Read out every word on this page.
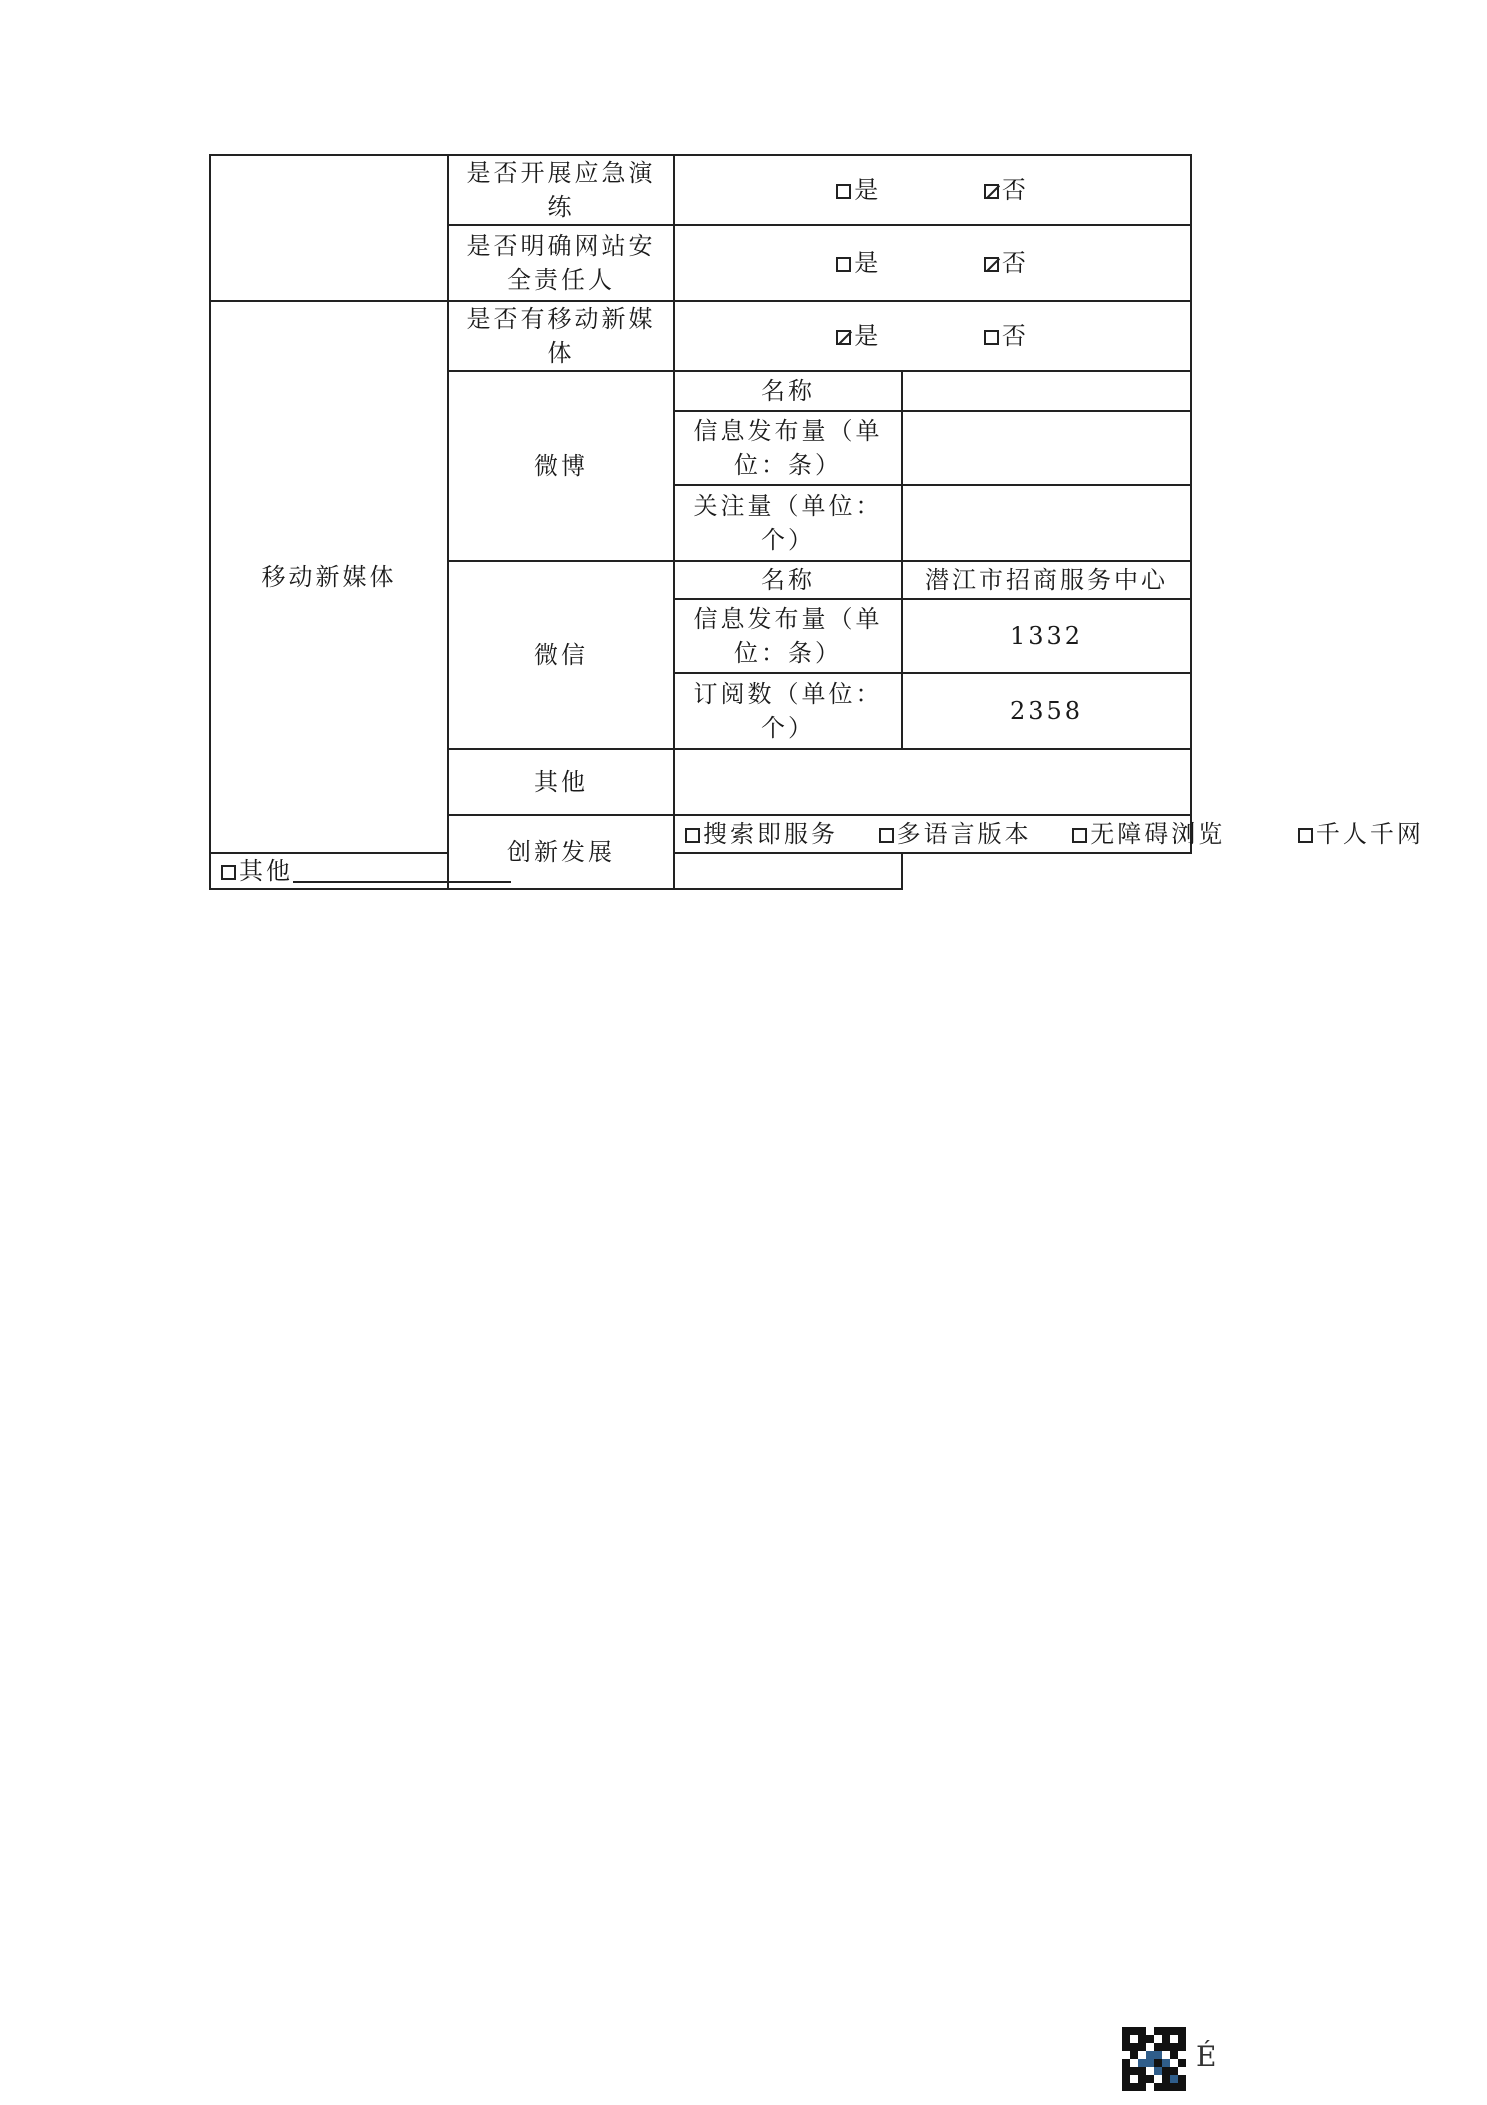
	是否开展应急演练	是 否	
	是否明确网站安全责任人	是 否	
移动新媒体	是否有移动新媒体	是 否	
	微博	名称	
		信息发布量（单位：条）	
		关注量（单位：个）	
	微信	名称	潜江市招商服务中心
		信息发布量（单位：条）	1332
		订阅数（单位：个）	2358
	其他		
	创新发展	搜索即服务 多语言版本 无障碍浏览 千人千网	
其他			
É
